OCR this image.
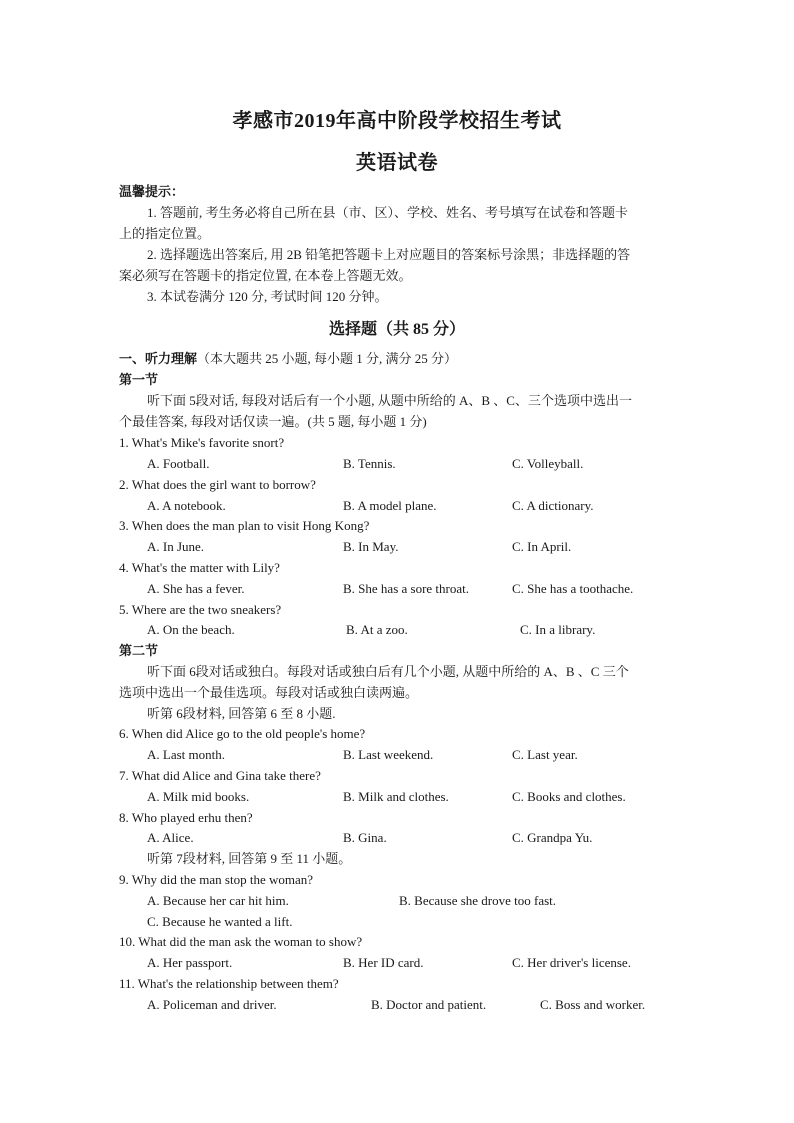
孝感市2019年高中阶段学校招生考试
英语试卷
温馨提示：
1. 答题前, 考生务必将自己所在县（市、区）、学校、姓名、考号填写在试卷和答题卡
上的指定位置。
2. 选择题选出答案后, 用 2B 铅笔把答题卡上对应题目的答案标号涂黑；非选择题的答
案必须写在答题卡的指定位置, 在本卷上答题无效。
3. 本试卷满分 120 分, 考试时间 120 分钟。
选择题（共 85 分）
一、听力理解（本大题共 25 小题, 每小题 1 分, 满分 25 分）
第一节
听下面 5段对话, 每段对话后有一个小题, 从题中所给的 A、B 、C、三个选项中选出一
个最佳答案, 每段对话仅读一遍。(共 5 题, 每小题 1 分)
1. What's Mike's favorite snort?
A. Football.	B. Tennis.	C. Volleyball.
2. What does the girl want to borrow?
A. A notebook.	B. A model plane.	C. A dictionary.
3. When does the man plan to visit Hong Kong?
A. In June.	B. In May.	C. In April.
4. What's the matter with Lily?
A. She has a fever.	B. She has a sore throat.	C. She has a toothache.
5. Where are the two sneakers?
A. On the beach.	B. At a zoo.	C. In a library.
第二节
听下面 6段对话或独白。每段对话或独白后有几个小题, 从题中所给的 A、B 、C 三个
选项中选出一个最佳选项。每段对话或独白读两遍。
听第 6段材料, 回答第 6 至 8 小题.
6. When did Alice go to the old people's home?
A. Last month.	B. Last weekend.	C. Last year.
7. What did Alice and Gina take there?
A. Milk mid books.	B. Milk and clothes.	C. Books and clothes.
8. Who played erhu then?
A. Alice.	B. Gina.	C. Grandpa Yu.
听第 7段材料, 回答第 9 至 11 小题。
9. Why did the man stop the woman?
A. Because her car hit him.	B. Because she drove too fast.
C. Because he wanted a lift.
10. What did the man ask the woman to show?
A. Her passport.	B. Her ID card.	C. Her driver's license.
11. What's the relationship between them?
A. Policeman and driver.	B. Doctor and patient.	C. Boss and worker.
